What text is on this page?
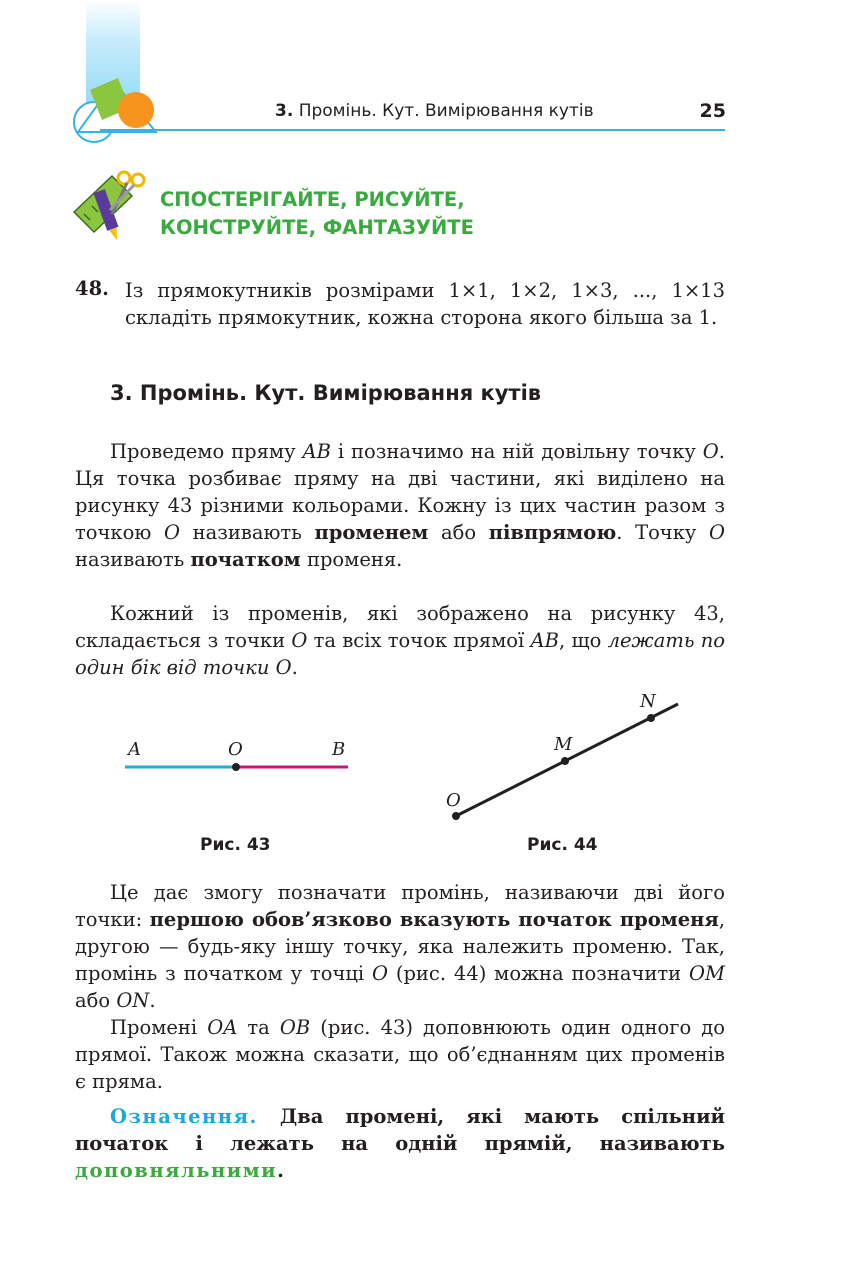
3. Промінь. Кут. Вимірювання кутів	25
СПОСТЕРІГАЙТЕ, РИСУЙТЕ,
КОНСТРУЙТЕ, ФАНТАЗУЙТЕ
48. Із прямокутників розмірами 1×1, 1×2, 1×3, ..., 1×13 складіть прямокутник, кожна сторона якого більша за 1.
3. Промінь. Кут. Вимірювання кутів
Проведемо пряму AB і позначимо на ній довільну точку O. Ця точка розбиває пряму на дві частини, які виділено на рисунку 43 різними кольорами. Кожну із цих частин разом з точкою O називають променем або півпрямою. Точку O називають початком променя.
Кожний із променів, які зображено на рисунку 43, складається з точки O та всіх точок прямої AB, що лежать по один бік від точки O.
A	O	B
Рис. 43
O
M
N
Рис. 44
Це дає змогу позначати промінь, називаючи дві його точки: першою обов’язково вказують початок променя, другою — будь-яку іншу точку, яка належить променю. Так, промінь з початком у точці O (рис. 44) можна позначити OM або ON.
Промені OA та OB (рис. 43) доповнюють один одного до прямої. Також можна сказати, що об’єднанням цих променів є пряма.
Означення. Два промені, які мають спільний початок і лежать на одній прямій, називають доповняльними.
